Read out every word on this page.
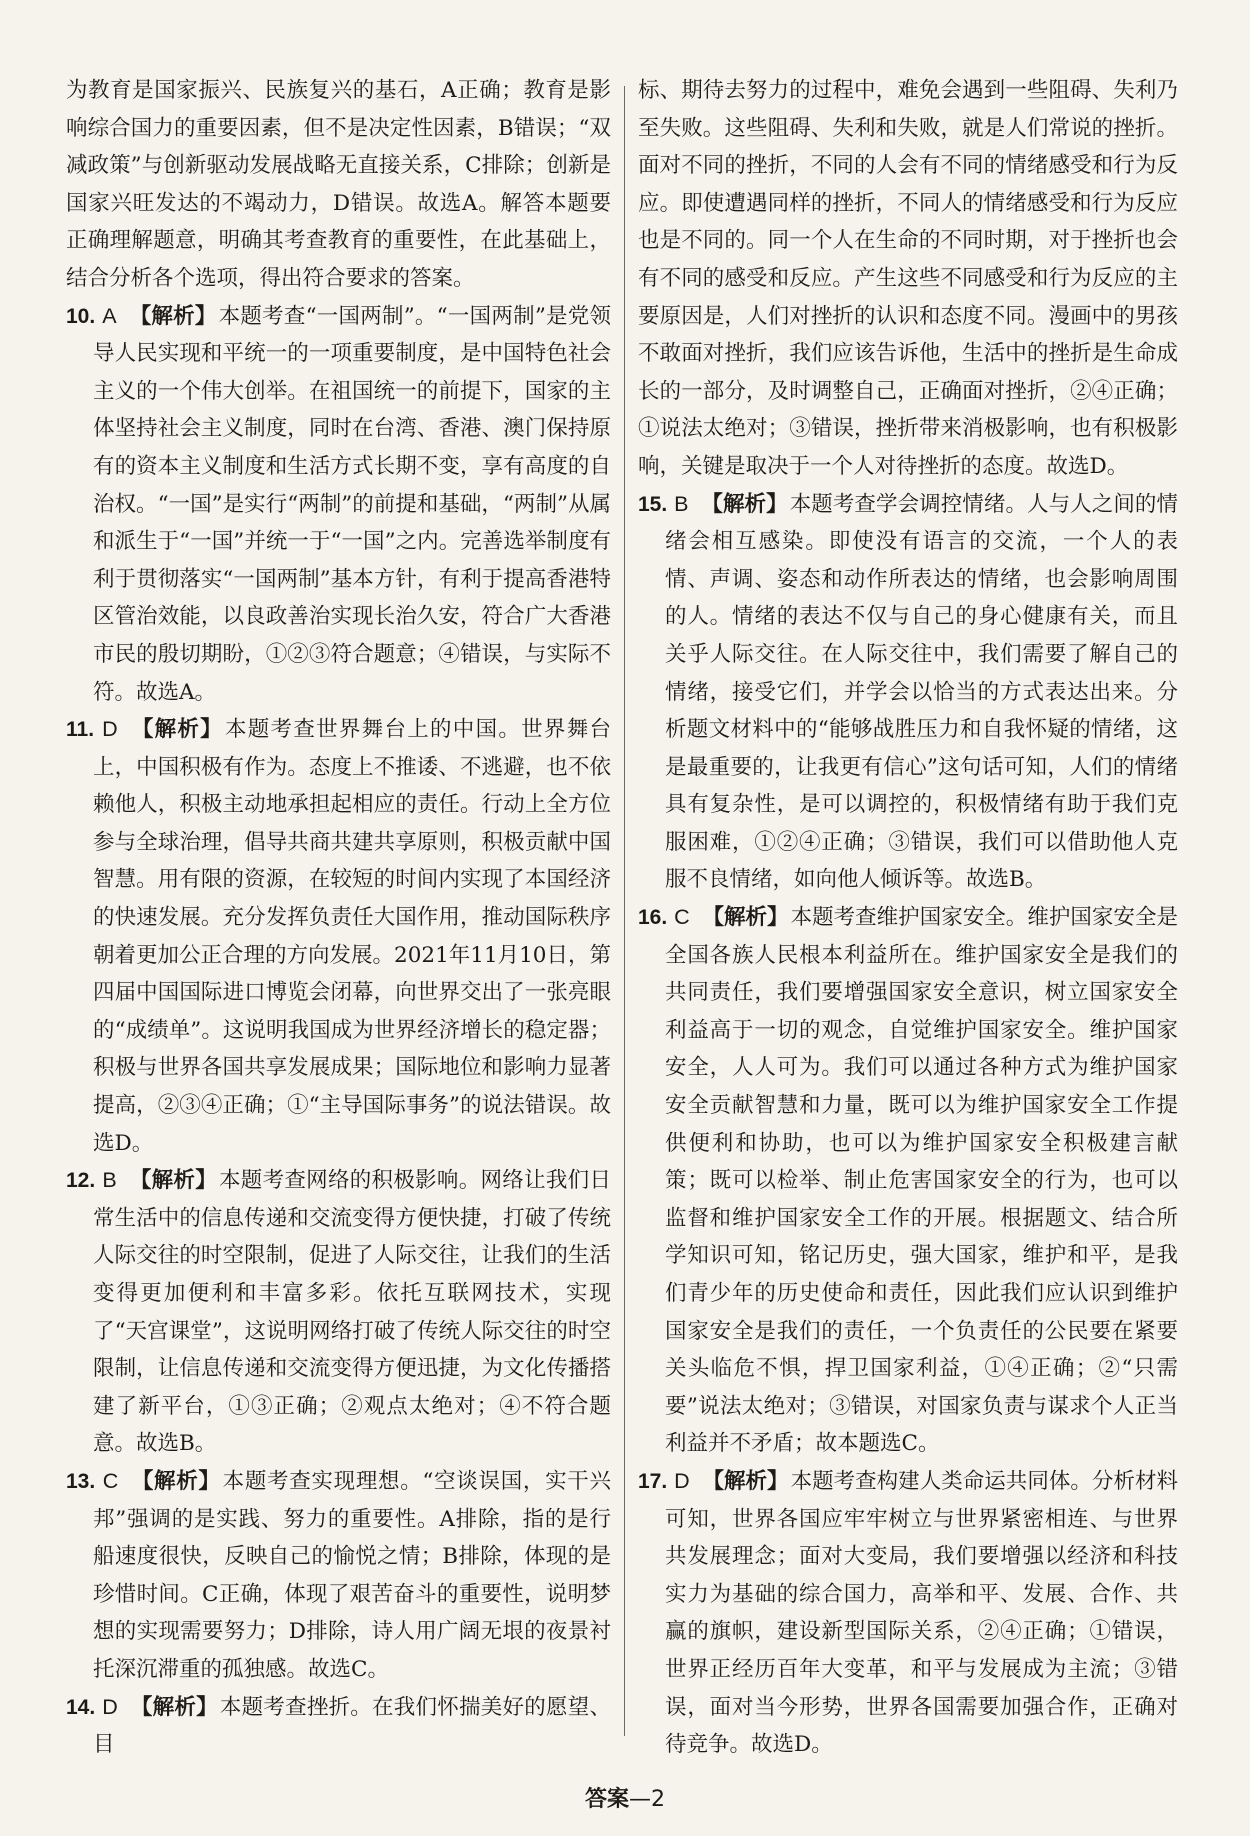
为教育是国家振兴、民族复兴的基石，A正确；教育是影响综合国力的重要因素，但不是决定性因素，B错误；“双减政策”与创新驱动发展战略无直接关系，C排除；创新是国家兴旺发达的不竭动力，D错误。故选A。解答本题要正确理解题意，明确其考查教育的重要性，在此基础上，结合分析各个选项，得出符合要求的答案。

10. A 【解析】本题考查“一国两制”。“一国两制”是党领导人民实现和平统一的一项重要制度，是中国特色社会主义的一个伟大创举。在祖国统一的前提下，国家的主体坚持社会主义制度，同时在台湾、香港、澳门保持原有的资本主义制度和生活方式长期不变，享有高度的自治权。“一国”是实行“两制”的前提和基础，“两制”从属和派生于“一国”并统一于“一国”之内。完善选举制度有利于贯彻落实“一国两制”基本方针，有利于提高香港特区管治效能，以良政善治实现长治久安，符合广大香港市民的殷切期盼，①②③符合题意；④错误，与实际不符。故选A。

11. D 【解析】本题考查世界舞台上的中国。世界舞台上，中国积极有作为。态度上不推诿、不逃避，也不依赖他人，积极主动地承担起相应的责任。行动上全方位参与全球治理，倡导共商共建共享原则，积极贡献中国智慧。用有限的资源，在较短的时间内实现了本国经济的快速发展。充分发挥负责任大国作用，推动国际秩序朝着更加公正合理的方向发展。2021年11月10日，第四届中国国际进口博览会闭幕，向世界交出了一张亮眼的“成绩单”。这说明我国成为世界经济增长的稳定器；积极与世界各国共享发展成果；国际地位和影响力显著提高，②③④正确；①“主导国际事务”的说法错误。故选D。

12. B 【解析】本题考查网络的积极影响。网络让我们日常生活中的信息传递和交流变得方便快捷，打破了传统人际交往的时空限制，促进了人际交往，让我们的生活变得更加便利和丰富多彩。依托互联网技术，实现了“天宫课堂”，这说明网络打破了传统人际交往的时空限制，让信息传递和交流变得方便迅捷，为文化传播搭建了新平台，①③正确；②观点太绝对；④不符合题意。故选B。

13. C 【解析】本题考查实现理想。“空谈误国，实干兴邦”强调的是实践、努力的重要性。A排除，指的是行船速度很快，反映自己的愉悦之情；B排除，体现的是珍惜时间。C正确，体现了艰苦奋斗的重要性，说明梦想的实现需要努力；D排除，诗人用广阔无垠的夜景衬托深沉滞重的孤独感。故选C。

14. D 【解析】本题考查挫折。在我们怀揣美好的愿望、目

标、期待去努力的过程中，难免会遇到一些阻碍、失利乃至失败。这些阻碍、失利和失败，就是人们常说的挫折。面对不同的挫折，不同的人会有不同的情绪感受和行为反应。即使遭遇同样的挫折，不同人的情绪感受和行为反应也是不同的。同一个人在生命的不同时期，对于挫折也会有不同的感受和反应。产生这些不同感受和行为反应的主要原因是，人们对挫折的认识和态度不同。漫画中的男孩不敢面对挫折，我们应该告诉他，生活中的挫折是生命成长的一部分，及时调整自己，正确面对挫折，②④正确；①说法太绝对；③错误，挫折带来消极影响，也有积极影响，关键是取决于一个人对待挫折的态度。故选D。

15. B 【解析】本题考查学会调控情绪。人与人之间的情绪会相互感染。即使没有语言的交流，一个人的表情、声调、姿态和动作所表达的情绪，也会影响周围的人。情绪的表达不仅与自己的身心健康有关，而且关乎人际交往。在人际交往中，我们需要了解自己的情绪，接受它们，并学会以恰当的方式表达出来。分析题文材料中的“能够战胜压力和自我怀疑的情绪，这是最重要的，让我更有信心”这句话可知，人们的情绪具有复杂性，是可以调控的，积极情绪有助于我们克服困难，①②④正确；③错误，我们可以借助他人克服不良情绪，如向他人倾诉等。故选B。

16. C 【解析】本题考查维护国家安全。维护国家安全是全国各族人民根本利益所在。维护国家安全是我们的共同责任，我们要增强国家安全意识，树立国家安全利益高于一切的观念，自觉维护国家安全。维护国家安全，人人可为。我们可以通过各种方式为维护国家安全贡献智慧和力量，既可以为维护国家安全工作提供便利和协助，也可以为维护国家安全积极建言献策；既可以检举、制止危害国家安全的行为，也可以监督和维护国家安全工作的开展。根据题文、结合所学知识可知，铭记历史，强大国家，维护和平，是我们青少年的历史使命和责任，因此我们应认识到维护国家安全是我们的责任，一个负责任的公民要在紧要关头临危不惧，捍卫国家利益，①④正确；②“只需要”说法太绝对；③错误，对国家负责与谋求个人正当利益并不矛盾；故本题选C。

17. D 【解析】本题考查构建人类命运共同体。分析材料可知，世界各国应牢牢树立与世界紧密相连、与世界共发展理念；面对大变局，我们要增强以经济和科技实力为基础的综合国力，高举和平、发展、合作、共赢的旗帜，建设新型国际关系，②④正确；①错误，世界正经历百年大变革，和平与发展成为主流；③错误，面对当今形势，世界各国需要加强合作，正确对待竞争。故选D。

答案—2
